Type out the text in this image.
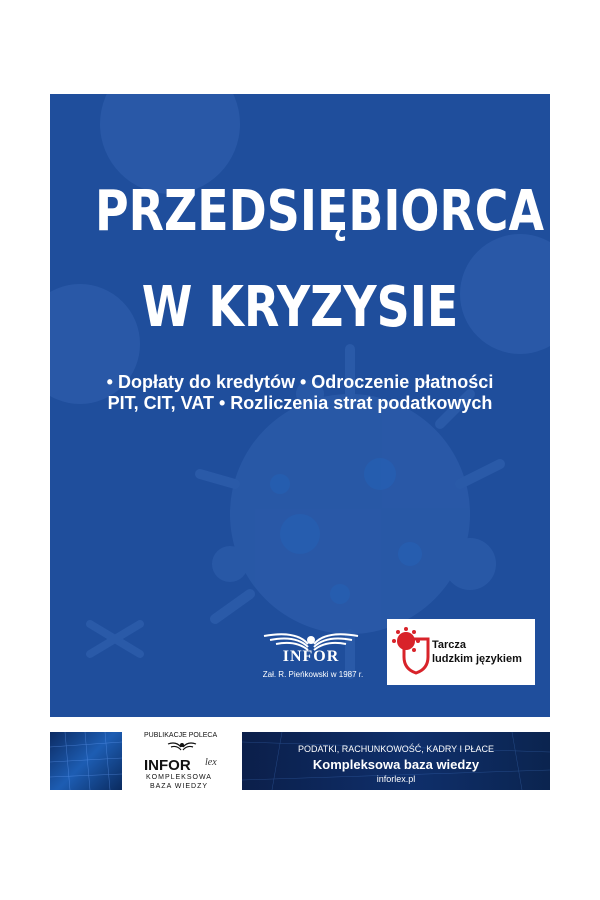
PRZEDSIĘBIORCA
W KRYZYSIE
• Dopłaty do kredytów • Odroczenie płatności
PIT, CIT, VAT • Rozliczenia strat podatkowych
INFOR
Zał. R. Pieńkowski w 1987 r.
Tarcza
ludzkim językiem
PUBLIKACJE POLECA
INFOR lex
KOMPLEKSOWA
BAZA WIEDZY
PODATKI, RACHUNKOWOŚĆ, KADRY I PŁACE
Kompleksowa baza wiedzy
inforlex.pl
